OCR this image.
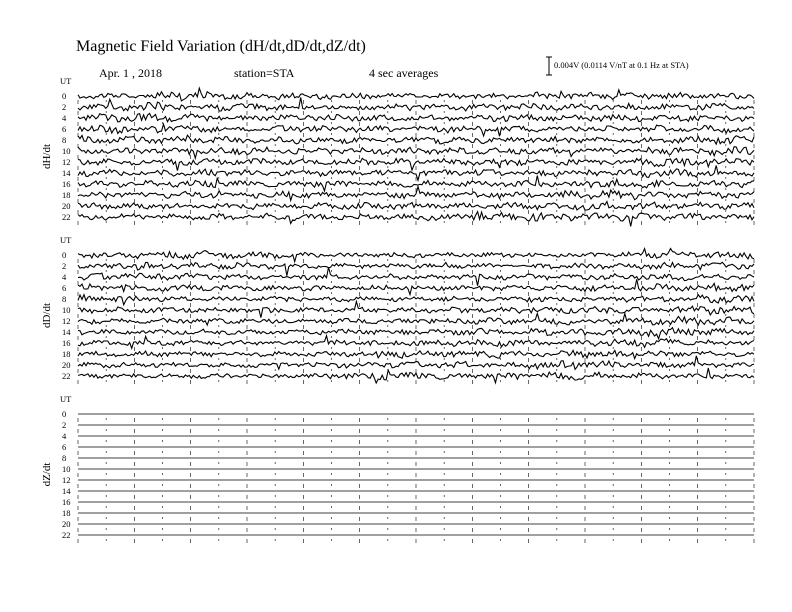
Magnetic Field Variation (dH/dt,dD/dt,dZ/dt)
Apr. 1 , 2018	station=STA	4 sec averages
0.004V (0.0114 V/nT at 0.1 Hz at STA)
UT
dH/dt
0
2
4
6
8
10
12
14
16
18
20
22
UT
dD/dt
0
2
4
6
8
10
12
14
16
18
20
22
UT
dZ/dt
0
2
4
6
8
10
12
14
16
18
20
22
